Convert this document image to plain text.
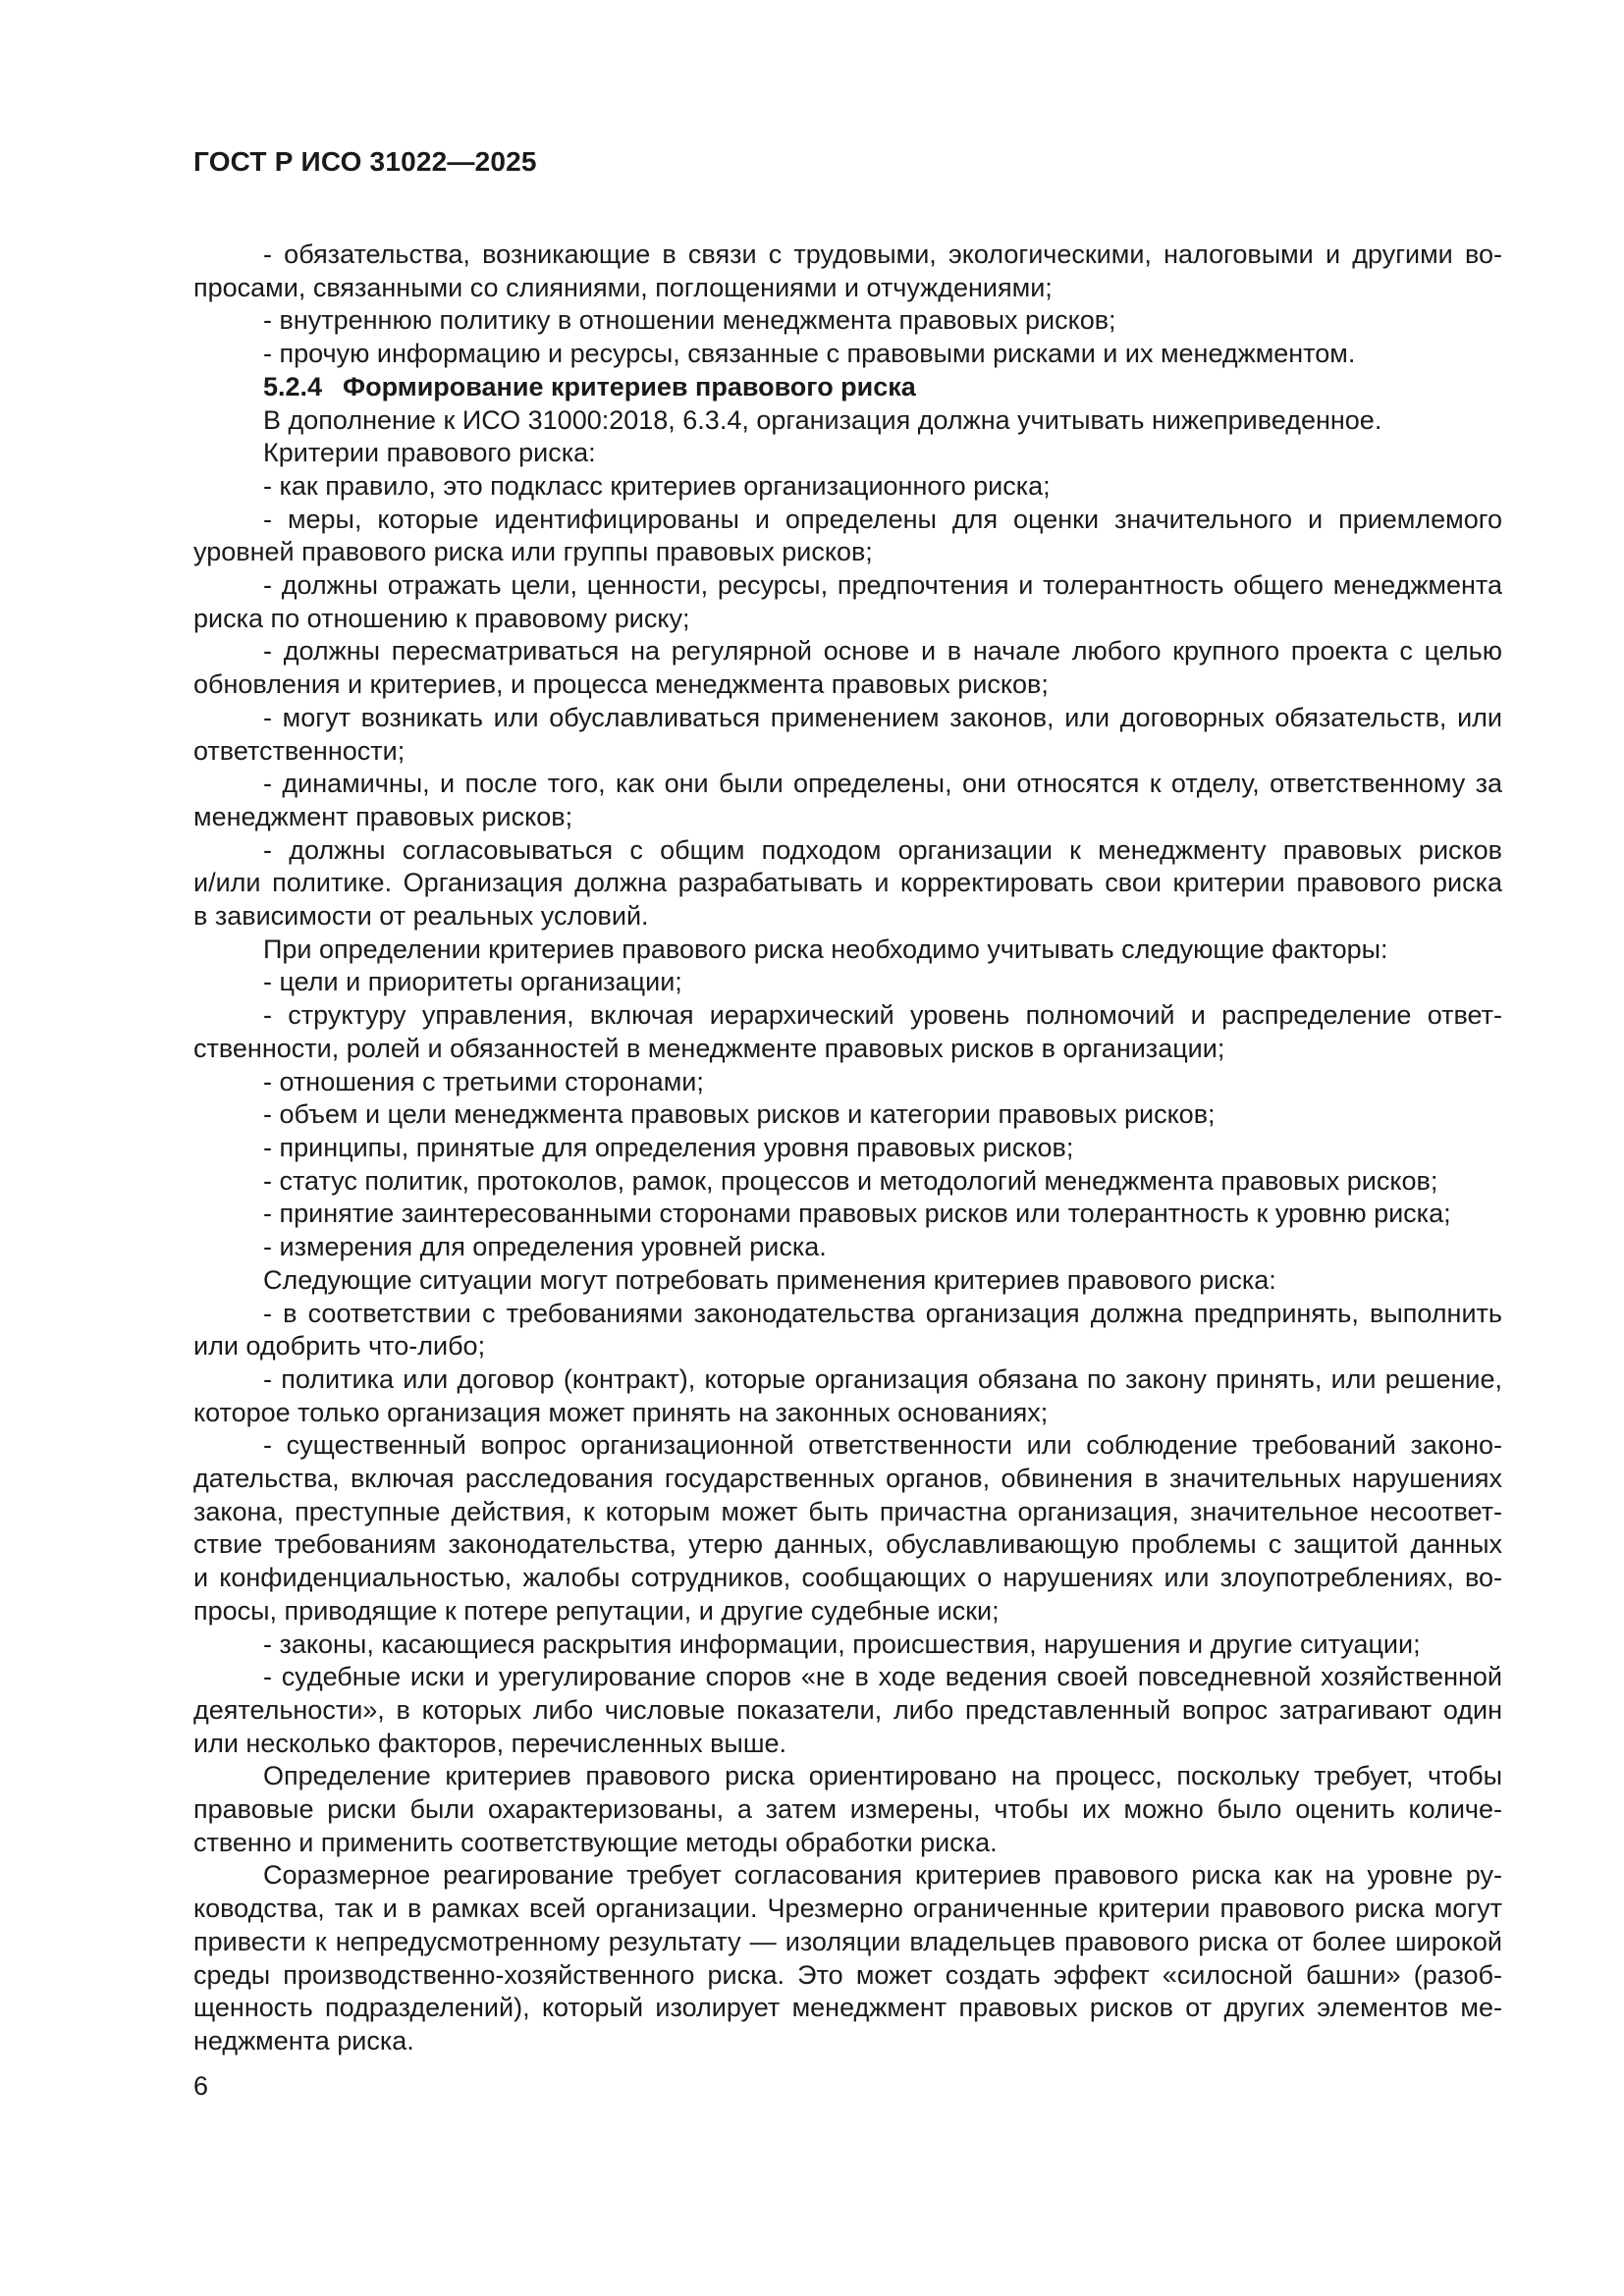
ГОСТ Р ИСО 31022—2025
- обязательства, возникающие в связи с трудовыми, экологическими, налоговыми и другими во-
просами, связанными со слияниями, поглощениями и отчуждениями;
- внутреннюю политику в отношении менеджмента правовых рисков;
- прочую информацию и ресурсы, связанные с правовыми рисками и их менеджментом.
5.2.4  Формирование критериев правового риска
В дополнение к ИСО 31000:2018, 6.3.4, организация должна учитывать нижеприведенное.
Критерии правового риска:
- как правило, это подкласс критериев организационного риска;
- меры, которые идентифицированы и определены для оценки значительного и приемлемого
уровней правового риска или группы правовых рисков;
- должны отражать цели, ценности, ресурсы, предпочтения и толерантность общего менеджмента
риска по отношению к правовому риску;
- должны пересматриваться на регулярной основе и в начале любого крупного проекта с целью
обновления и критериев, и процесса менеджмента правовых рисков;
- могут возникать или обуславливаться применением законов, или договорных обязательств, или
ответственности;
- динамичны, и после того, как они были определены, они относятся к отделу, ответственному за
менеджмент правовых рисков;
- должны согласовываться с общим подходом организации к менеджменту правовых рисков
и/или политике. Организация должна разрабатывать и корректировать свои критерии правового риска
в зависимости от реальных условий.
При определении критериев правового риска необходимо учитывать следующие факторы:
- цели и приоритеты организации;
- структуру управления, включая иерархический уровень полномочий и распределение ответ-
ственности, ролей и обязанностей в менеджменте правовых рисков в организации;
- отношения с третьими сторонами;
- объем и цели менеджмента правовых рисков и категории правовых рисков;
- принципы, принятые для определения уровня правовых рисков;
- статус политик, протоколов, рамок, процессов и методологий менеджмента правовых рисков;
- принятие заинтересованными сторонами правовых рисков или толерантность к уровню риска;
- измерения для определения уровней риска.
Следующие ситуации могут потребовать применения критериев правового риска:
- в соответствии с требованиями законодательства организация должна предпринять, выполнить
или одобрить что-либо;
- политика или договор (контракт), которые организация обязана по закону принять, или решение,
которое только организация может принять на законных основаниях;
- существенный вопрос организационной ответственности или соблюдение требований законо-
дательства, включая расследования государственных органов, обвинения в значительных нарушениях
закона, преступные действия, к которым может быть причастна организация, значительное несоответ-
ствие требованиям законодательства, утерю данных, обуславливающую проблемы с защитой данных
и конфиденциальностью, жалобы сотрудников, сообщающих о нарушениях или злоупотреблениях, во-
просы, приводящие к потере репутации, и другие судебные иски;
- законы, касающиеся раскрытия информации, происшествия, нарушения и другие ситуации;
- судебные иски и урегулирование споров «не в ходе ведения своей повседневной хозяйственной
деятельности», в которых либо числовые показатели, либо представленный вопрос затрагивают один
или несколько факторов, перечисленных выше.
Определение критериев правового риска ориентировано на процесс, поскольку требует, чтобы
правовые риски были охарактеризованы, а затем измерены, чтобы их можно было оценить количе-
ственно и применить соответствующие методы обработки риска.
Соразмерное реагирование требует согласования критериев правового риска как на уровне ру-
ководства, так и в рамках всей организации. Чрезмерно ограниченные критерии правового риска могут
привести к непредусмотренному результату — изоляции владельцев правового риска от более широкой
среды производственно-хозяйственного риска. Это может создать эффект «силосной башни» (разоб-
щенность подразделений), который изолирует менеджмент правовых рисков от других элементов ме-
неджмента риска.
6
